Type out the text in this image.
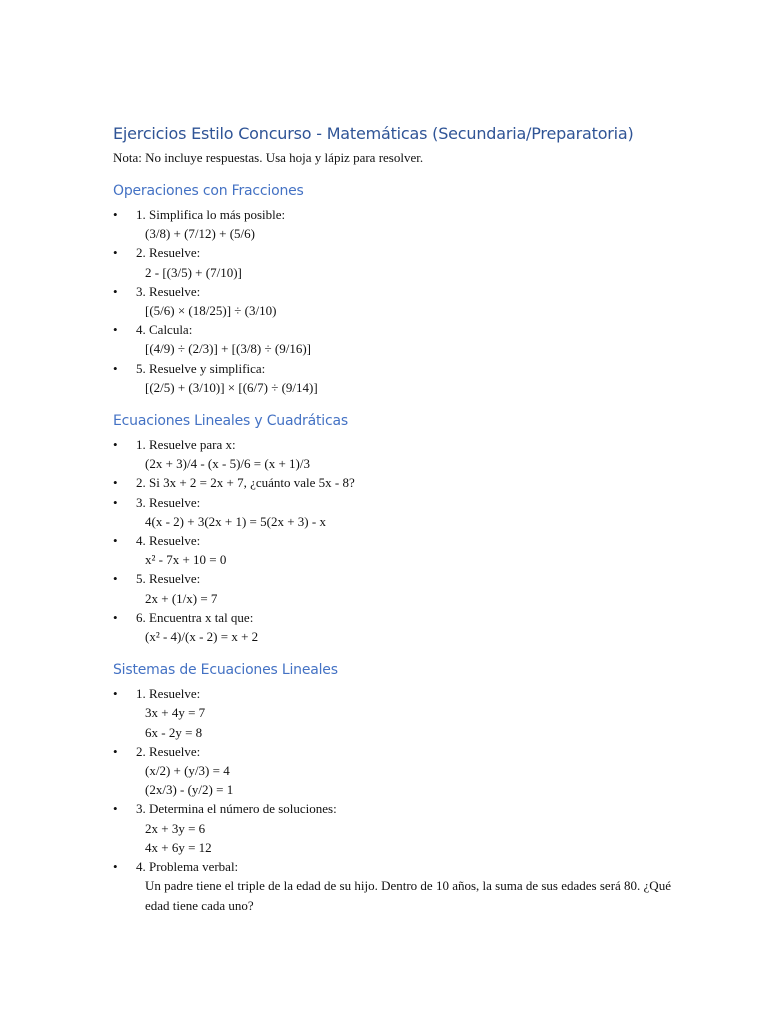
Ejercicios Estilo Concurso - Matemáticas (Secundaria/Preparatoria)

Nota: No incluye respuestas. Usa hoja y lápiz para resolver.

Operaciones con Fracciones
• 1. Simplifica lo más posible:
(3/8) + (7/12) + (5/6)
• 2. Resuelve:
2 - [(3/5) + (7/10)]
• 3. Resuelve:
[(5/6) × (18/25)] ÷ (3/10)
• 4. Calcula:
[(4/9) ÷ (2/3)] + [(3/8) ÷ (9/16)]
• 5. Resuelve y simplifica:
[(2/5) + (3/10)] × [(6/7) ÷ (9/14)]
Ecuaciones Lineales y Cuadráticas
• 1. Resuelve para x:
(2x + 3)/4 - (x - 5)/6 = (x + 1)/3
• 2. Si 3x + 2 = 2x + 7, ¿cuánto vale 5x - 8?
• 3. Resuelve:
4(x - 2) + 3(2x + 1) = 5(2x + 3) - x
• 4. Resuelve:
x² - 7x + 10 = 0
• 5. Resuelve:
2x + (1/x) = 7
• 6. Encuentra x tal que:
(x² - 4)/(x - 2) = x + 2
Sistemas de Ecuaciones Lineales
• 1. Resuelve:
3x + 4y = 7
6x - 2y = 8
• 2. Resuelve:
(x/2) + (y/3) = 4
(2x/3) - (y/2) = 1
• 3. Determina el número de soluciones:
2x + 3y = 6
4x + 6y = 12
• 4. Problema verbal:
Un padre tiene el triple de la edad de su hijo. Dentro de 10 años, la suma de sus edades será 80. ¿Qué edad tiene cada uno?
